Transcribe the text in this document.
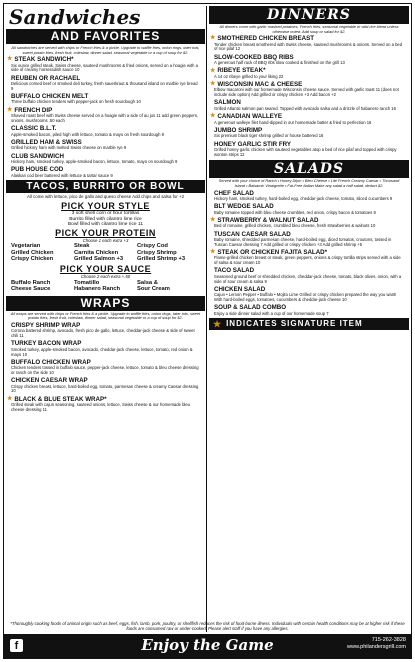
Sandwiches
AND FAVORITES
All sandwiches are served with chips or French fries & a pickle. Upgrade to waffle fries, onion rings, tater tots, sweet potato fries, fresh fruit, coleslaw, dinner salad, seasonal vegetable or a cup of soup for $2.
★ STEAK SANDWICH*
Six ounce grilled steak, Swiss cheese, sauteed mushrooms & fried onions, served on a hoagie with a side of creamy horseradish sauce 10
REUBEN OR RACHAEL
Delicious corned beef or smoked deli turkey, fresh sauerkraut & thousand island on marble rye bread 9
BUFFALO CHICKEN MELT
Three buffalo chicken tenders with pepper-jack on fresh sourdough 10
★ FRENCH DIP
Shaved roast beef with Swiss cheese served on a hoagie with a side of au jus 11 add green peppers, onions, mushrooms .50 each
CLASSIC B.L.T.
Apple-smoked bacon, piled high with lettuce, tomato & mayo on fresh sourdough 9
GRILLED HAM & SWISS
Grilled hickory ham with melted Swiss cheese on marble rye 9
CLUB SANDWICH
Hickory ham, smoked turkey, apple-smoked bacon, lettuce, tomato, mayo on sourdough 9
PUB HOUSE COD
Alaskan cod beer battered with lettuce & tartar sauce 9
TACOS, BURRITO OR BOWL
All come with lettuce, pico de gallo and queso cheese Add chips and salsa for +2
PICK YOUR STYLE
3 soft shell corn or flour tortillas
Burrito filled with cilantro lime rice
Bowl filled with cilantro lime rice 11
PICK YOUR PROTEIN
Choose 1 each extra +3
Vegetarian	Steak	Crispy Cod
Grilled Chicken	Carnita Chicken	Crispy Shrimp
Crispy Chicken	Grilled Salmon +3	Grilled Shrimp +3
PICK YOUR SAUCE
Choose 2 each extra +.50
Buffalo Ranch	Tomatillo	Salsa &
Cheese Sauce	Habanero Ranch	Sour Cream
WRAPS
All wraps are served with chips or French fries & a pickle. Upgrade to waffle fries, onion rings, tater tots, sweet potato fries, fresh fruit, coleslaw, dinner salad, seasonal vegetable or a cup of soup for $2.
CRISPY SHRIMP WRAP
Corona battered shrimp, avocado, fresh pico de gallo, lettuce, cheddar-jack cheese & side of sweet chili 11
TURKEY BACON WRAP
Smoked turkey, apple-smoked bacon, avocado, cheddar-jack cheese, lettuce, tomato, red onion & mayo 10
BUFFALO CHICKEN WRAP
Chicken tenders tossed in buffalo sauce, pepper-jack cheese, lettuce, tomato & bleu cheese dressing or ranch on the side 10
CHICKEN CAESAR WRAP
Crispy chicken breast, lettuce, hard-boiled egg, tomato, parmesan cheese & creamy Caesar dressing 10
★ BLACK & BLUE STEAK WRAP*
Grilled steak with cajun seasoning, sauteed onions, lettuce, Swiss cheese & our homemade bleu cheese dressing 11
DINNERS
All dinners come with garlic mashed potatoes, French fries, seasonal vegetable or wild rice blend unless otherwise noted. Add soup or salad for $2.
★ SMOTHERED CHICKEN BREAST
Tender chicken breast smothered with Swiss cheese, sauteed mushrooms & onions. Served on a bed of rice pilaf 12
SLOW-COOKED BBQ RIBS
A generous half rack of BBQ ribs slow cooked & finished on the grill 13
★ RIBEYE STEAK*
A 14 oz ribeye grilled to your liking 22
★ WISCONSIN MAC & CHEESE
Elbow macaroni with our homemade Wisconsin cheese sauce. Served with garlic toast 11 (does not include side option) Add grilled or crispy chicken +3 Add bacon +2
SALMON
Grilled Atlantic salmon pan seared. Topped with avocado salsa and a drizzle of habanero ranch 16
★ CANADIAN WALLEYE
A generous walleye filet hand-dipped in our homemade batter & fried to perfection 16
JUMBO SHRIMP
Six premium black tiger shrimp grilled or house battered 16
HONEY GARLIC STIR FRY
Grilled honey garlic chicken with sauteed vegetables atop a bed of rice pilaf and topped with crispy wonton strips 12
SALADS
Served with your choice of Ranch • Honey Dijon • Bleu Cheese • Lite French Creamy Caesar • Thousand Island • Balsamic Vinaigrette • Fat-Free Italian Make any salad a half salad, deduct $2.
CHEF SALAD
Hickory ham, smoked turkey, hard-boiled egg, cheddar-jack cheese, tomato, sliced cucumbers 9
BLT WEDGE SALAD
Baby romaine topped with bleu cheese crumbles, red onion, crispy bacon & tomatoes 9
★ STRAWBERRY & WALNUT SALAD
Bed of romaine, grilled chicken, crumbled bleu cheese, fresh strawberries & walnuts 10
TUSCAN CAESAR SALAD
Baby romaine, shredded parmesan cheese, hard-boiled egg, diced tomatos, croutons, tossed in Tuscan Caesar dressing 7 Add grilled or crispy chicken +3 Add grilled shrimp +5
★ STEAK OR CHICKEN FAJITA SALAD*
Flame-grilled chicken breast or steak, green peppers, onions & crispy tortilla strips served with a side of salsa & sour cream 10
TACO SALAD
Seasoned ground beef or shredded chicken, cheddar-jack cheese, tomato, black olives, onion, with a side of sour cream & salsa 9
CHICKEN SALAD
Cajun • Lemon Pepper • Buffalo • Mojito Lime Grilled or crispy chicken prepared the way you want! With hard-boiled eggs, tomatoes, cucumbers & cheddar-jack cheese 10
SOUP & SALAD COMBO
Enjoy a side dinner salad with a cup of our homemade soup 7
★ INDICATES SIGNATURE ITEM
*Thoroughly cooking foods of animal origin such as beef, eggs, fish, lamb, pork, poultry, or shellfish reduces the risk of food-borne illness. Individuals with certain health conditions may be at higher risk if these foods are consumed raw or under-cooked. Please alert staff if you have any allergies.
f	Enjoy the Game	715-262-3828
www.philandersgrill.com
